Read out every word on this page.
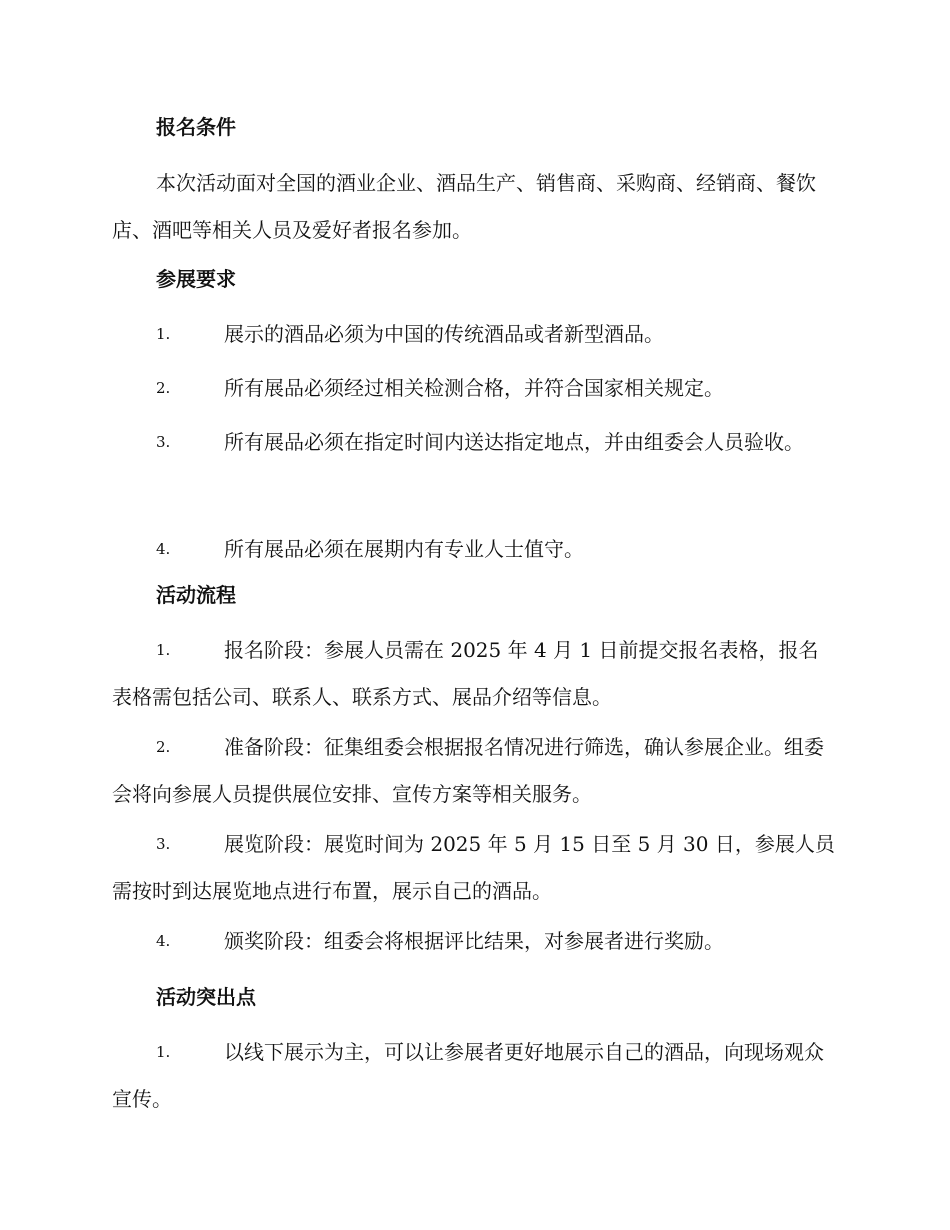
报名条件

本次活动面对全国的酒业企业、酒品生产、销售商、采购商、经销商、餐饮店、酒吧等相关人员及爱好者报名参加。

参展要求
1.	展示的酒品必须为中国的传统酒品或者新型酒品。
2.	所有展品必须经过相关检测合格，并符合国家相关规定。
3.	所有展品必须在指定时间内送达指定地点，并由组委会人员验收。
4.	所有展品必须在展期内有专业人士值守。
活动流程
1.	报名阶段：参展人员需在 2025 年 4 月 1 日前提交报名表格，报名表格需包括公司、联系人、联系方式、展品介绍等信息。
2.	准备阶段：征集组委会根据报名情况进行筛选，确认参展企业。组委会将向参展人员提供展位安排、宣传方案等相关服务。
3.	展览阶段：展览时间为 2025 年 5 月 15 日至 5 月 30 日，参展人员需按时到达展览地点进行布置，展示自己的酒品。
4.	颁奖阶段：组委会将根据评比结果，对参展者进行奖励。
活动突出点
1.	以线下展示为主，可以让参展者更好地展示自己的酒品，向现场观众宣传。
